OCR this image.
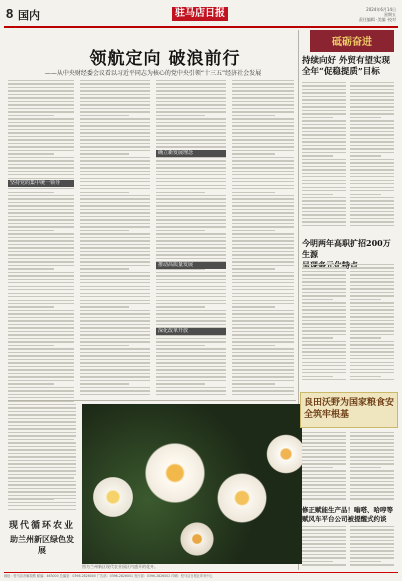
8 国内	驻马店日报	2024年6月14日
星期五
责任编辑 ·美编 ·校对
领航定向 破浪前行
——从中央财经委会议看以习近平同志为核心的党中央引领“十三五”经济社会发展
坚持党的集中统一领导
确立新发展理念
推动高质量发展
深化改革开放
图为兰州新区现代农业园区内盛开的花卉。
现代循环农业
助兰州新区绿色发展
砥砺奋进
持续向好 外贸有望实现
全年“促稳提质”目标
今明两年高职扩招200万生源
良田沃野为国家粮食安全筑牢根基
修正赋能生产品！嗡嗒、哈哼等
赋风车平台公司被提醒式约谈
地址：驻马店市解放路 邮编：463000 总编室：0396-2826000 广告部：0396-2826001 发行部：0396-2826002 印刷：驻马店日报社印务中心
